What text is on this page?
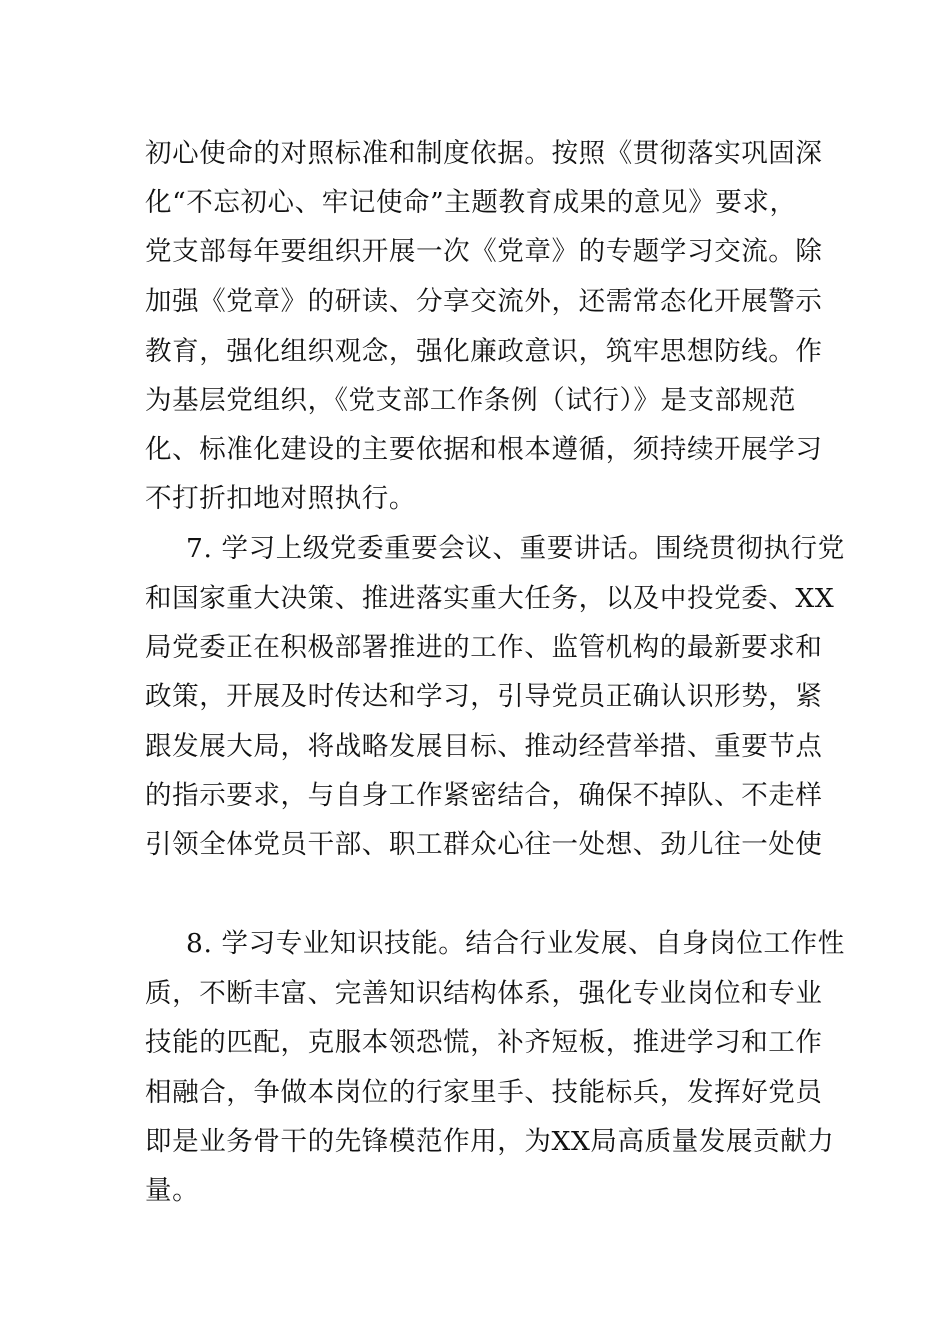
初心使命的对照标准和制度依据。按照《贯彻落实巩固深
化“不忘初心、牢记使命”主题教育成果的意见》要求，
党支部每年要组织开展一次《党章》的专题学习交流。除
加强《党章》的研读、分享交流外，还需常态化开展警示
教育，强化组织观念，强化廉政意识，筑牢思想防线。作
为基层党组织，《党支部工作条例（试行）》是支部规范
化、标准化建设的主要依据和根本遵循，须持续开展学习
不打折扣地对照执行。
7. 学习上级党委重要会议、重要讲话。围绕贯彻执行党
和国家重大决策、推进落实重大任务，以及中投党委、XX
局党委正在积极部署推进的工作、监管机构的最新要求和
政策，开展及时传达和学习，引导党员正确认识形势，紧
跟发展大局，将战略发展目标、推动经营举措、重要节点
的指示要求，与自身工作紧密结合，确保不掉队、不走样
引领全体党员干部、职工群众心往一处想、劲儿往一处使
8. 学习专业知识技能。结合行业发展、自身岗位工作性
质，不断丰富、完善知识结构体系，强化专业岗位和专业
技能的匹配，克服本领恐慌，补齐短板，推进学习和工作
相融合，争做本岗位的行家里手、技能标兵，发挥好党员
即是业务骨干的先锋模范作用，为XX局高质量发展贡献力
量。
